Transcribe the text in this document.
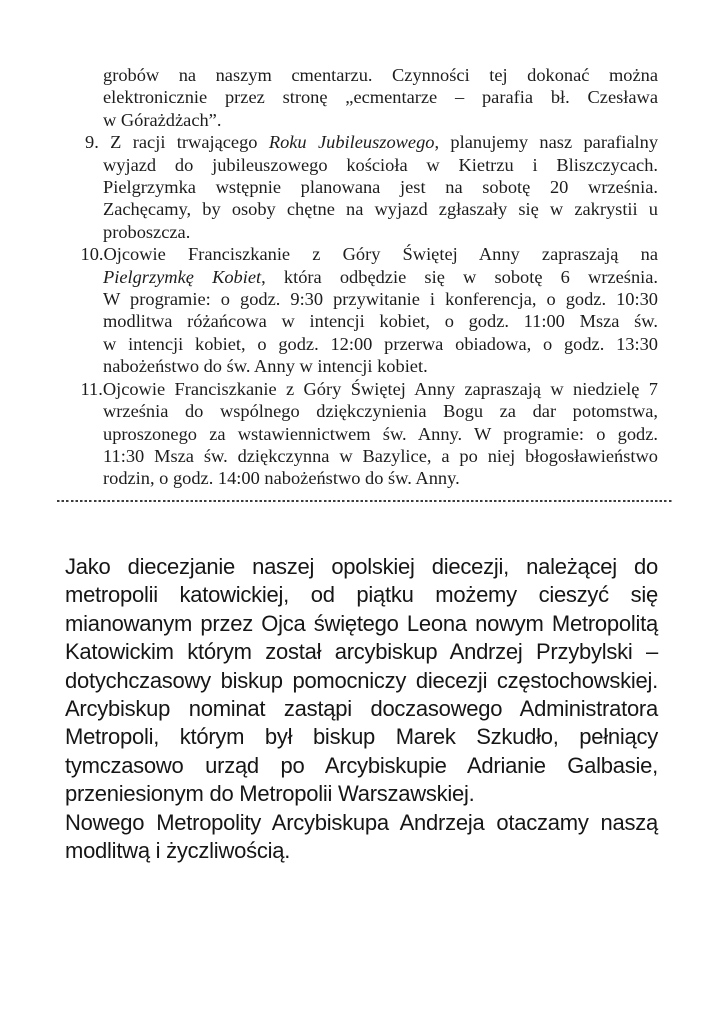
grobów na naszym cmentarzu. Czynności tej dokonać można

elektronicznie przez stronę „ecmentarze – parafia bł. Czesława

w Górażdżach”.

9. Z racji trwającego Roku Jubileuszowego, planujemy nasz parafialny

wyjazd do jubileuszowego kościoła w Kietrzu i Bliszczycach.

Pielgrzymka wstępnie planowana jest na sobotę 20 września.

Zachęcamy, by osoby chętne na wyjazd zgłaszały się w zakrystii u

proboszcza.

10.Ojcowie Franciszkanie z Góry Świętej Anny zapraszają na

Pielgrzymkę Kobiet, która odbędzie się w sobotę 6 września.

W programie: o godz. 9:30 przywitanie i konferencja, o godz. 10:30

modlitwa różańcowa w intencji kobiet, o godz. 11:00 Msza św.

w intencji kobiet, o godz. 12:00 przerwa obiadowa, o godz. 13:30

nabożeństwo do św. Anny w intencji kobiet.

11.Ojcowie Franciszkanie z Góry Świętej Anny zapraszają w niedzielę 7

września do wspólnego dziękczynienia Bogu za dar potomstwa,

uproszonego za wstawiennictwem św. Anny. W programie: o godz.

11:30 Msza św. dziękczynna w Bazylice, a po niej błogosławieństwo

rodzin, o godz. 14:00 nabożeństwo do św. Anny.

Jako diecezjanie naszej opolskiej diecezji, należącej do

metropolii katowickiej, od piątku możemy cieszyć się

mianowanym przez Ojca świętego Leona nowym Metropolitą

Katowickim którym został arcybiskup Andrzej Przybylski –

dotychczasowy biskup pomocniczy diecezji częstochowskiej.

Arcybiskup nominat zastąpi doczasowego Administratora

Metropoli, którym był biskup Marek Szkudło, pełniący

tymczasowo urząd po Arcybiskupie Adrianie Galbasie,

przeniesionym do Metropolii Warszawskiej.

Nowego Metropolity Arcybiskupa Andrzeja otaczamy naszą

modlitwą i życzliwością.
